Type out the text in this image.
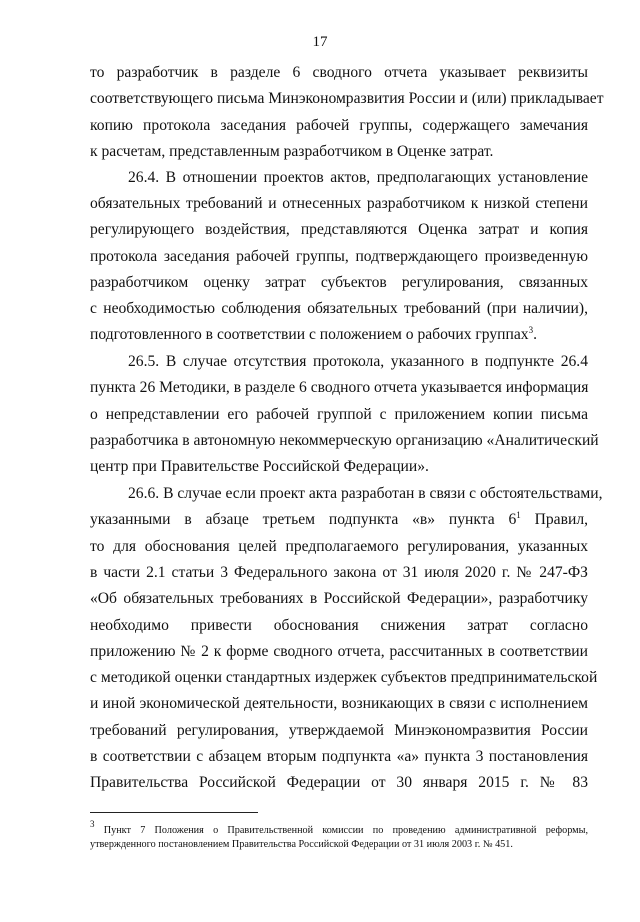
17
то разработчик в разделе 6 сводного отчета указывает реквизиты
соответствующего письма Минэкономразвития России и (или) прикладывает
копию протокола заседания рабочей группы, содержащего замечания
к расчетам, представленным разработчиком в Оценке затрат.
26.4. В отношении проектов актов, предполагающих установление
обязательных требований и отнесенных разработчиком к низкой степени
регулирующего воздействия, представляются Оценка затрат и копия
протокола заседания рабочей группы, подтверждающего произведенную
разработчиком оценку затрат субъектов регулирования, связанных
с необходимостью соблюдения обязательных требований (при наличии),
подготовленного в соответствии с положением о рабочих группах$^3$.
26.5. В случае отсутствия протокола, указанного в подпункте 26.4
пункта 26 Методики, в разделе 6 сводного отчета указывается информация
о непредставлении его рабочей группой с приложением копии письма
разработчика в автономную некоммерческую организацию «Аналитический
центр при Правительстве Российской Федерации».
26.6. В случае если проект акта разработан в связи с обстоятельствами,
указанными в абзаце третьем подпункта «в» пункта $6^1$ Правил,
то для обоснования целей предполагаемого регулирования, указанных
в части 2.1 статьи 3 Федерального закона от 31 июля 2020 г. № 247-ФЗ
«Об обязательных требованиях в Российской Федерации», разработчику
необходимо привести обоснования снижения затрат согласно
приложению № 2 к форме сводного отчета, рассчитанных в соответствии
с методикой оценки стандартных издержек субъектов предпринимательской
и иной экономической деятельности, возникающих в связи с исполнением
требований регулирования, утверждаемой Минэкономразвития России
в соответствии с абзацем вторым подпункта «а» пункта 3 постановления
Правительства Российской Федерации от 30 января 2015 г. № 83
$^3$ Пункт 7 Положения о Правительственной комиссии по проведению административной реформы,
утвержденного постановлением Правительства Российской Федерации от 31 июля 2003 г. № 451.
